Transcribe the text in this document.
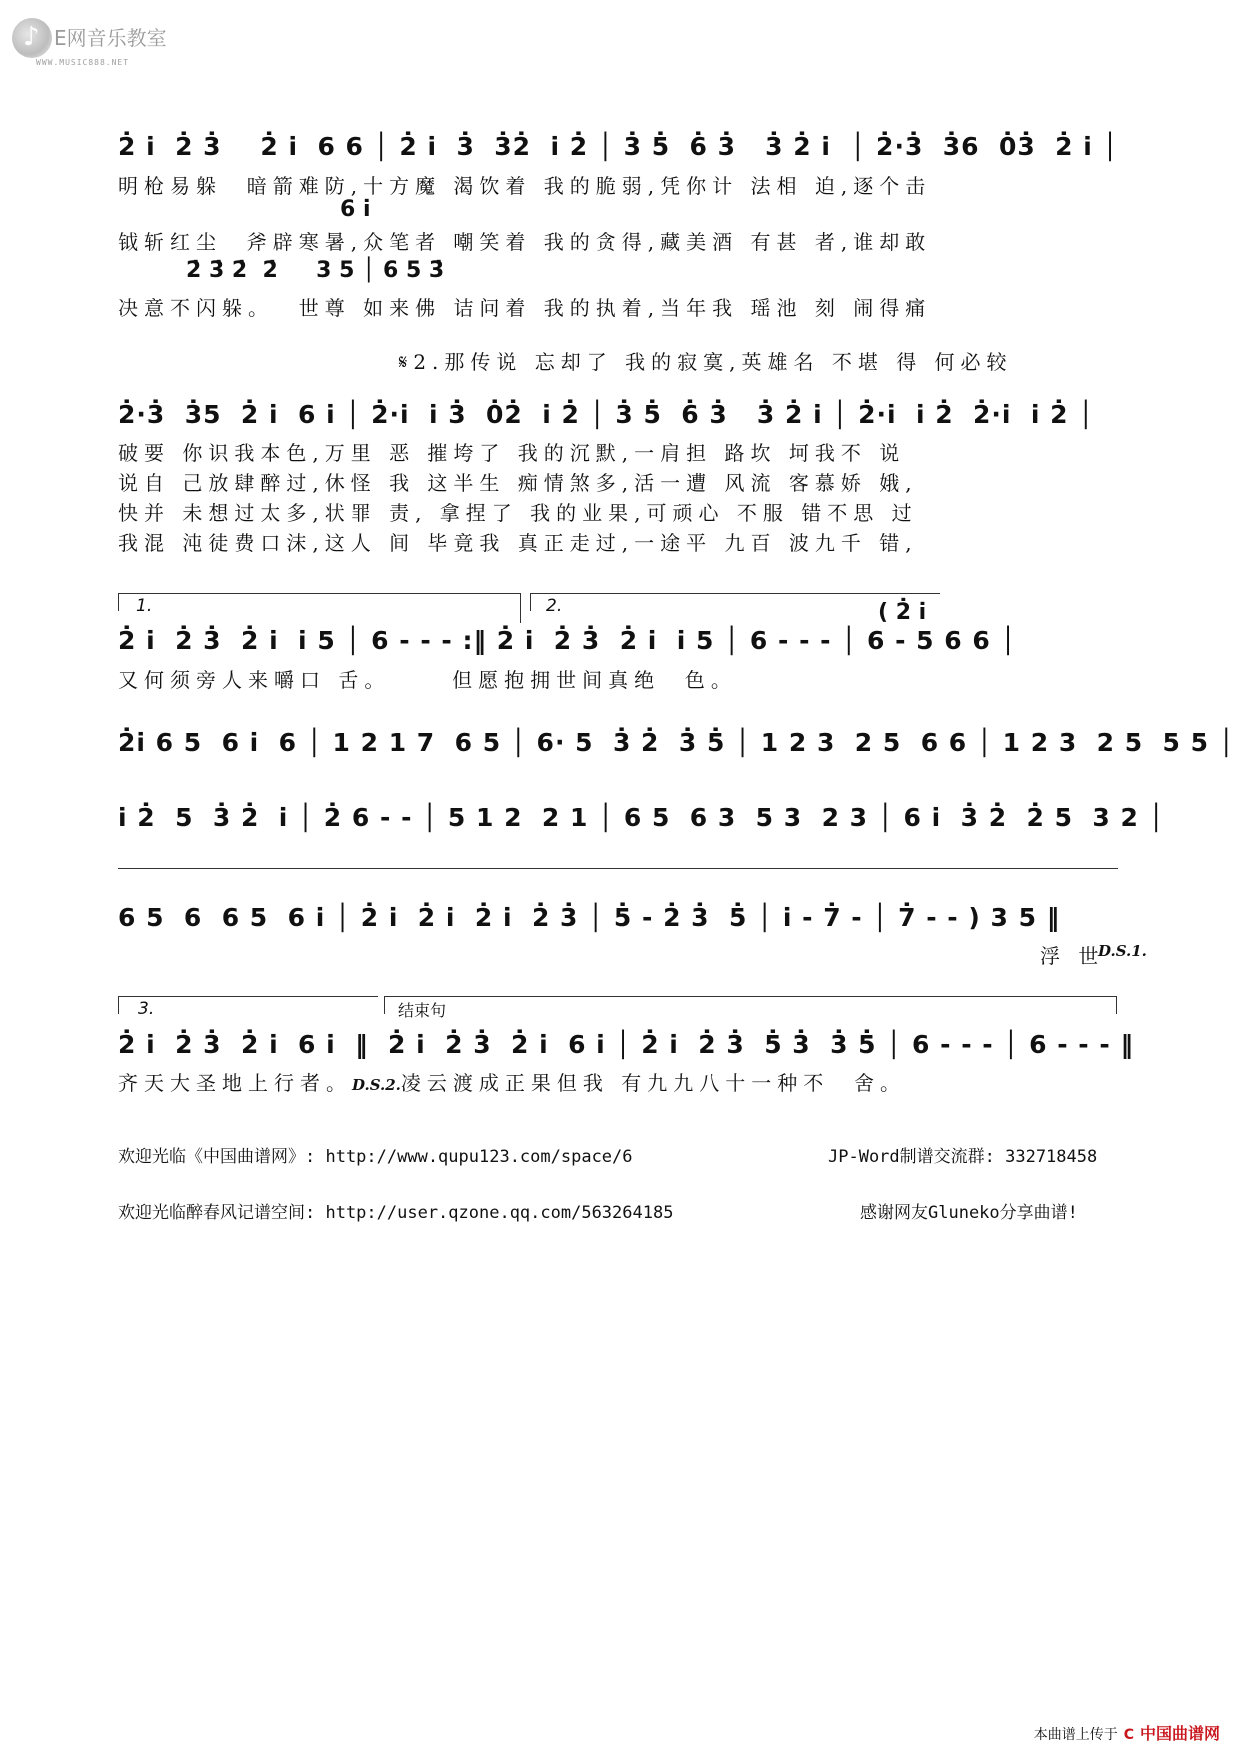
♪
E网音乐教室
WWW.MUSIC888.NET
2̇ i̇  2̇ 3̇    2̇ i̇  6 6 │ 2̇ i̇  3̇  3̇2̇  i̇ 2̇ │ 3̇ 5̇  6̇ 3̇   3̇ 2̇ i̇  │ 2̇·3̇  3̇6  0̇3̇  2̇ i̇ │
明枪易躲  暗箭难防,十方魔 渴饮着 我的脆弱,凭你计 法相 迫,逐个击
6 i̇
钺斩红尘  斧辟寒暑,众笔者 嘲笑着 我的贪得,藏美酒 有甚 者,谁却敢
2̇ 3̇ 2̇  2̇     3 5 │ 6 5 3̇
决意不闪躲。  世尊 如来佛 诘问着 我的执着,当年我 瑶池 刻 闹得痛

𝄋2.那传说 忘却了 我的寂寞,英雄名 不堪 得 何必较

2̇·3̇  3̇5  2̇ i̇  6 i̇ │ 2̇·i̇  i̇ 3̇  0̇2̇  i̇ 2̇ │ 3̇ 5̇  6̇ 3̇   3̇ 2̇ i̇ │ 2̇·i̇  i̇ 2̇  2̇·i̇  i̇ 2̇ │
破要 你识我本色,万里 恶 摧垮了 我的沉默,一肩担 路坎 坷我不 说
说自 己放肆醉过,休怪 我 这半生 痴情煞多,活一遭 风流 客慕娇 娥,
快并 未想过太多,状罪 责, 拿捏了 我的业果,可顽心 不服 错不思 过
我混 沌徒费口沫,这人 间 毕竟我 真正走过,一途平 九百 波九千 错,
1.	2.	( 2̇ i̇
2̇ i̇  2̇ 3̇  2̇ i̇  i̇ 5 │ 6 - - - :‖ 2̇ i̇  2̇ 3̇  2̇ i̇  i̇ 5 │ 6 - - - │ 6 - 5 6 6 │
又何须旁人来嚼口 舌。     但愿抱拥世间真绝  色。
2̇i̇ 6 5  6 i̇  6 │ 1 2 1 7  6 5 │ 6· 5  3̇ 2̇  3̇ 5̇ │ 1 2 3  2 5  6 6 │ 1 2 3  2 5  5 5 │
i̇ 2̇  5  3̇ 2̇  i̇ │ 2̇ 6 - - │ 5 1 2  2 1 │ 6 5  6 3  5 3  2 3 │ 6 i̇  3̇ 2̇  2̇ 5  3 2 │
6 5  6  6 5  6 i̇ │ 2̇ i̇  2̇ i̇  2̇ i̇  2̇ 3̇ │ 5̇ - 2̇ 3̇  5̇ │ i̇ - 7̇ - │ 7̇ - - ) 3 5 ‖
浮 世
D.S.1.
3.	结束句
2̇ i̇  2̇ 3̇  2̇ i̇  6 i̇  ‖  2̇ i̇  2̇ 3̇  2̇ i̇  6 i̇ │ 2̇ i̇  2̇ 3̇  5̇ 3̇  3̇ 5̇ │ 6 - - - │ 6 - - - ‖
齐天大圣地上行者。D.S.2.凌云渡成正果但我 有九九八十一种不  舍。
欢迎光临《中国曲谱网》: http://www.qupu123.com/space/6	JP-Word制谱交流群: 332718458
欢迎光临醉春风记谱空间: http://user.qzone.qq.com/563264185	感谢网友Gluneko分享曲谱!
本曲谱上传于 C 中国曲谱网
